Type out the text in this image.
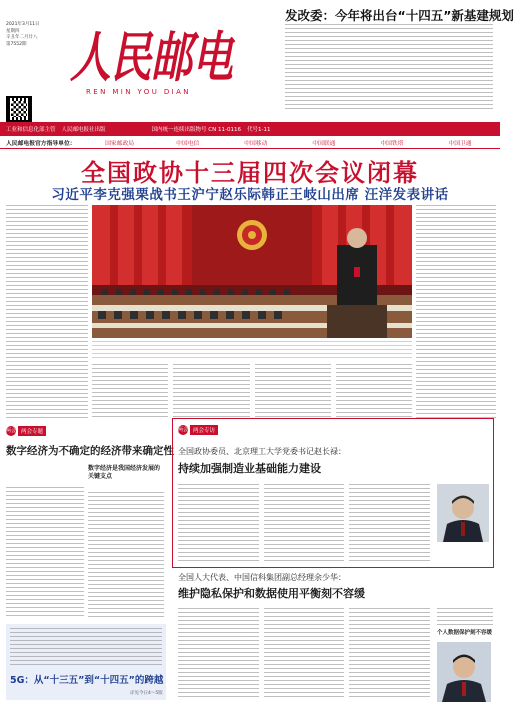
2021年3月11日
星期四
辛丑年二月廿八
第7552期 人民邮电
REN MIN YOU DIAN
发改委：今年将出台“十四五”新基建规划
工业和信息化部主管 人民邮电报社出版	国内统一连续出版物号 CN 11-0116 代号1-11
人民邮电报官方指导单位：	国家邮政局	中国电信	中国移动	中国联通	中国铁塔	中国卫通
全国政协十三届四次会议闭幕
习近平李克强栗战书王沪宁赵乐际韩正王岐山出席 汪洋发表讲话
两会 两会专题
数字经济为不确定的经济带来确定性
数字经济是我国经济发展的关键支点
两会 两会专访
全国政协委员、北京理工大学党委书记赵长禄：
持续加强制造业基础能力建设
全国人大代表、中国信科集团副总经理余少华：
维护隐私保护和数据使用平衡刻不容缓
个人数据保护刻不容缓
5G：从“十三五”到“十四五”的跨越
详见今日4～5版
